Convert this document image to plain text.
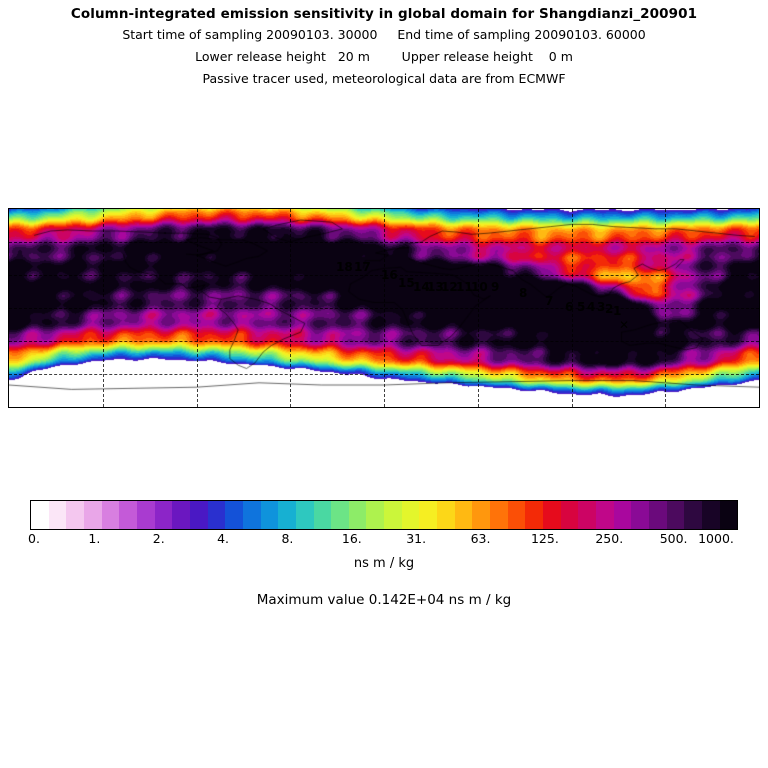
Column-integrated emission sensitivity in global domain for Shangdianzi_200901
Start time of sampling 20090103. 30000     End time of sampling 20090103. 60000
Lower release height   20 m        Upper release height    0 m
Passive tracer used, meteorological data are from ECMWF
18 17
16
15
14
13
12
11
10 9 8
7 6 5 4 3 2 1
✕
0.	1.	2.	4.	8.	16.	31.	63.	125.	250.	500. 1000.
ns m / kg
Maximum value 0.142E+04 ns m / kg
